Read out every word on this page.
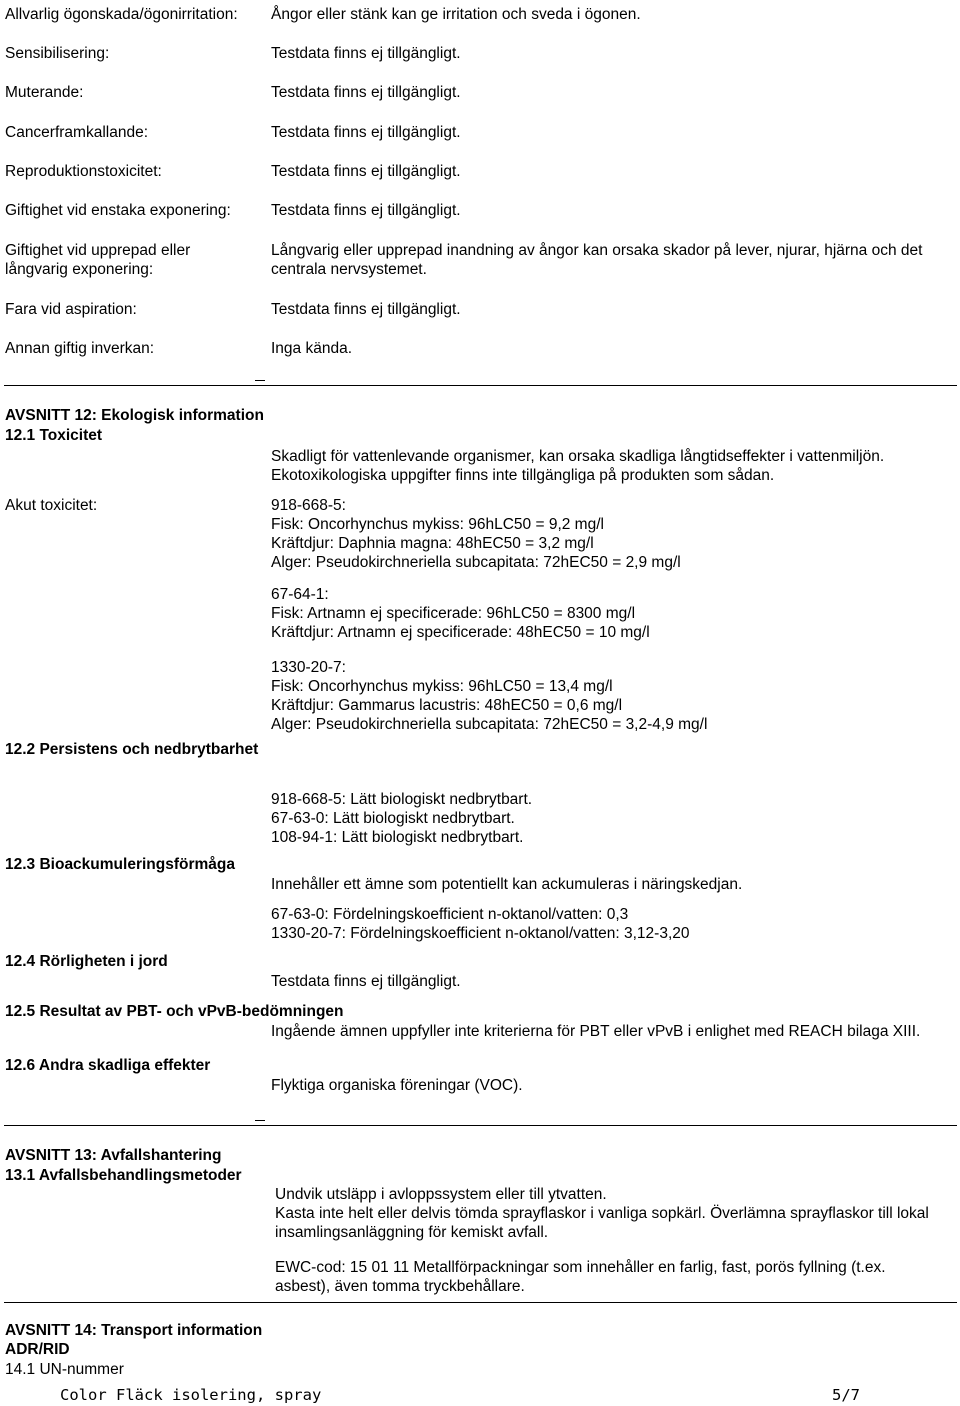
Allvarlig ögonskada/ögonirritation: Ångor eller stänk kan ge irritation och sveda i ögonen.
Sensibilisering:	Testdata finns ej tillgängligt.
Muterande:	Testdata finns ej tillgängligt.
Cancerframkallande:	Testdata finns ej tillgängligt.
Reproduktionstoxicitet:	Testdata finns ej tillgängligt.
Giftighet vid enstaka exponering:	Testdata finns ej tillgängligt.
Giftighet vid upprepad eller
långvarig exponering:
Långvarig eller upprepad inandning av ångor kan orsaka skador på lever, njurar, hjärna och det
centrala nervsystemet.
Fara vid aspiration:	Testdata finns ej tillgängligt.
Annan giftig inverkan:	Inga kända.
AVSNITT 12: Ekologisk information
12.1 Toxicitet
Skadligt för vattenlevande organismer, kan orsaka skadliga långtidseffekter i vattenmiljön.
Ekotoxikologiska uppgifter finns inte tillgängliga på produkten som sådan.
Akut toxicitet:	918-668-5:
Fisk: Oncorhynchus mykiss: 96hLC50 = 9,2 mg/l
Kräftdjur: Daphnia magna: 48hEC50 = 3,2 mg/l
Alger: Pseudokirchneriella subcapitata: 72hEC50 = 2,9 mg/l
67-64-1:
Fisk: Artnamn ej specificerade: 96hLC50 = 8300 mg/l
Kräftdjur: Artnamn ej specificerade: 48hEC50 = 10 mg/l
1330-20-7:
Fisk: Oncorhynchus mykiss: 96hLC50 = 13,4 mg/l
Kräftdjur: Gammarus lacustris: 48hEC50 = 0,6 mg/l
Alger: Pseudokirchneriella subcapitata: 72hEC50 = 3,2-4,9 mg/l
12.2 Persistens och nedbrytbarhet
918-668-5: Lätt biologiskt nedbrytbart.
67-63-0: Lätt biologiskt nedbrytbart.
108-94-1: Lätt biologiskt nedbrytbart.
12.3 Bioackumuleringsförmåga
Innehåller ett ämne som potentiellt kan ackumuleras i näringskedjan.
67-63-0: Fördelningskoefficient n-oktanol/vatten: 0,3
1330-20-7: Fördelningskoefficient n-oktanol/vatten: 3,12-3,20
12.4 Rörligheten i jord
Testdata finns ej tillgängligt.
12.5 Resultat av PBT- och vPvB-bedömningen
Ingående ämnen uppfyller inte kriterierna för PBT eller vPvB i enlighet med REACH bilaga XIII.
12.6 Andra skadliga effekter
Flyktiga organiska föreningar (VOC).
AVSNITT 13: Avfallshantering
13.1 Avfallsbehandlingsmetoder
Undvik utsläpp i avloppssystem eller till ytvatten.
Kasta inte helt eller delvis tömda sprayflaskor i vanliga sopkärl. Överlämna sprayflaskor till lokal
insamlingsanläggning för kemiskt avfall.
EWC-cod: 15 01 11 Metallförpackningar som innehåller en farlig, fast, porös fyllning (t.ex.
asbest), även tomma tryckbehållare.
AVSNITT 14: Transport information
ADR/RID
14.1 UN-nummer
Color Fläck isolering, spray	5/7
